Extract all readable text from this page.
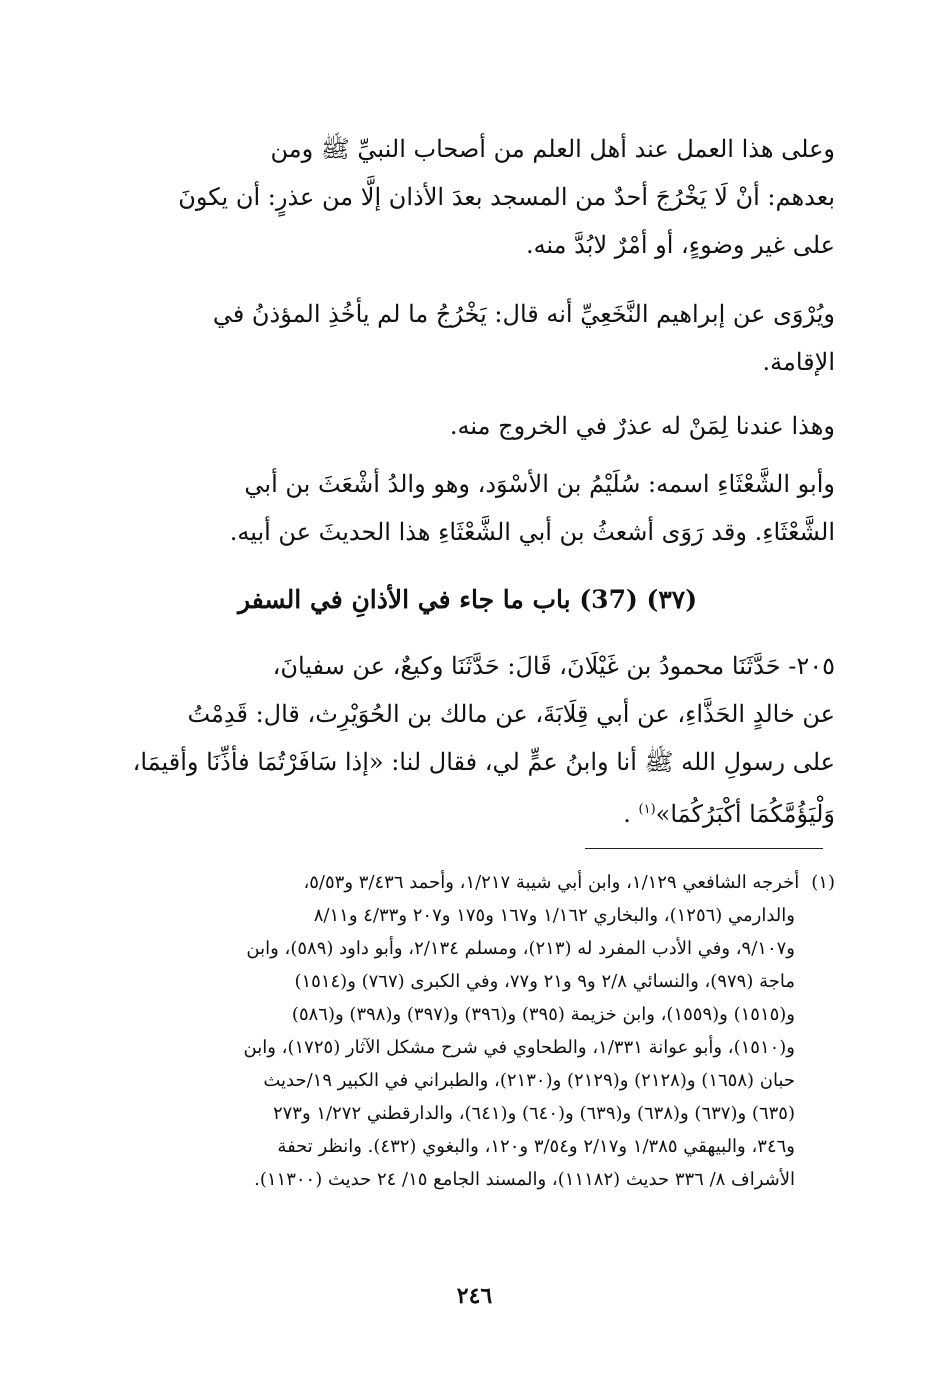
وعلى هذا العمل عند أهل العلم من أصحاب النبيِّ ﷺ ومن
بعدهم: أنْ لَا يَخْرُجَ أحدٌ من المسجد بعدَ الأذان إلَّا من عذرٍ: أن يكونَ
على غير وضوءٍ، أو أمْرٌ لابُدَّ منه.
ويُرْوَى عن إبراهيم النَّخَعِيِّ أنه قال: يَخْرُجُ ما لم يأخُذِ المؤذنُ في
الإقامة.
وهذا عندنا لِمَنْ له عذرٌ في الخروج منه.
وأبو الشَّعْثَاءِ اسمه: سُلَيْمُ بن الأسْوَد، وهو والدُ أشْعَثَ بن أبي
الشَّعْثَاءِ. وقد رَوَى أشعثُ بن أبي الشَّعْثَاءِ هذا الحديثَ عن أبيه.
(٣٧) (37) باب ما جاء في الأذانِ في السفر
٢٠٥- حَدَّثَنَا محمودُ بن غَيْلَانَ، قَالَ: حَدَّثَنَا وكيعٌ، عن سفيانَ،
عن خالدٍ الحَذَّاءِ، عن أبي قِلَابَةَ، عن مالك بن الحُوَيْرِث، قال: قَدِمْتُ
على رسولِ الله ﷺ أنا وابنُ عمٍّ لي، فقال لنا: «إذا سَافَرْتُمَا فأذِّنَا وأقيمَا،
وَلْيَؤُمَّكُمَا أكْبَرُكُمَا»$^{(١)}$ .
(١)أخرجه الشافعي ١/١٢٩، وابن أبي شيبة ١/٢١٧، وأحمد ٣/٤٣٦ و٥/٥٣،
والدارمي (١٢٥٦)، والبخاري ١/١٦٢ و١٦٧ و١٧٥ و٢٠٧ و٤/٣٣ و٨/١١
و٩/١٠٧، وفي الأدب المفرد له (٢١٣)، ومسلم ٢/١٣٤، وأبو داود (٥٨٩)، وابن
ماجة (٩٧٩)، والنسائي ٢/٨ و٩ و٢١ و٧٧، وفي الكبرى (٧٦٧) و(١٥١٤)
و(١٥١٥) و(١٥٥٩)، وابن خزيمة (٣٩٥) و(٣٩٦) و(٣٩٧) و(٣٩٨) و(٥٨٦)
و(١٥١٠)، وأبو عوانة ١/٣٣١، والطحاوي في شرح مشكل الآثار (١٧٢٥)، وابن
حبان (١٦٥٨) و(٢١٢٨) و(٢١٢٩) و(٢١٣٠)، والطبراني في الكبير ١٩/حديث
(٦٣٥) و(٦٣٧) و(٦٣٨) و(٦٣٩) و(٦٤٠) و(٦٤١)، والدارقطني ١/٢٧٢ و٢٧٣
و٣٤٦، والبيهقي ١/٣٨٥ و٢/١٧ و٣/٥٤ و١٢٠، والبغوي (٤٣٢). وانظر تحفة
الأشراف ٨/ ٣٣٦ حديث (١١١٨٢)، والمسند الجامع ١٥/ ٢٤ حديث (١١٣٠٠).
٢٤٦
